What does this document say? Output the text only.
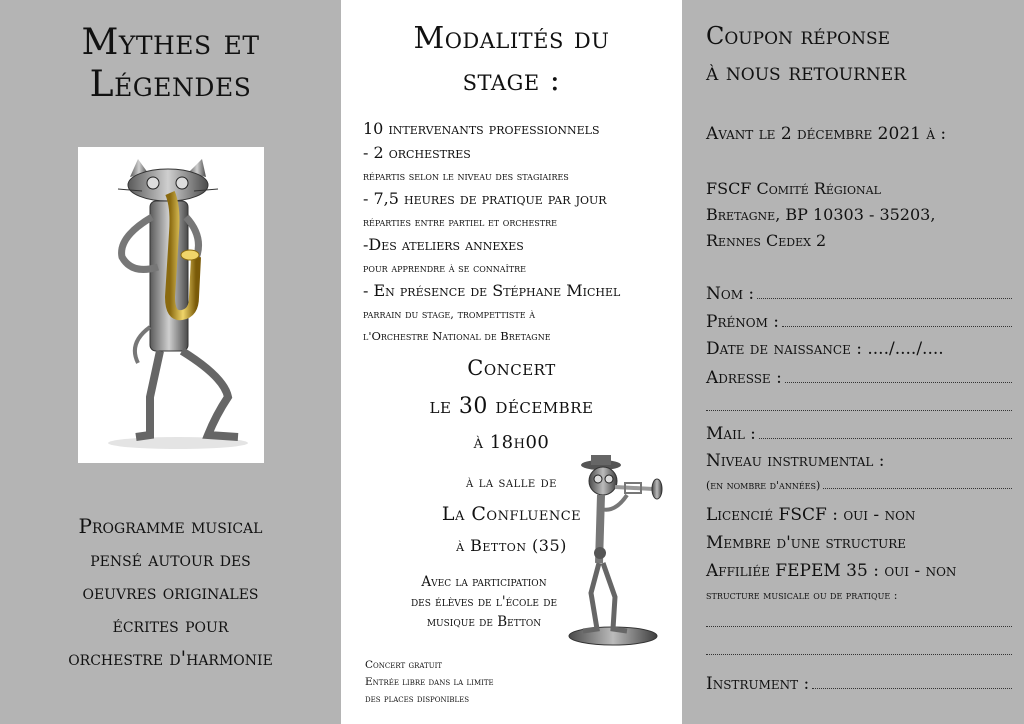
Mythes et
Légendes
Programme musical
pensé autour des
oeuvres originales
écrites pour
orchestre d'harmonie
Modalités du
stage :
10 intervenants professionnels
- 2 orchestres
répartis selon le niveau des stagiaires
- 7,5 heures de pratique par jour
réparties entre partiel et orchestre
-Des ateliers annexes
pour apprendre à se connaître
- En présence de Stéphane Michel
parrain du stage, trompettiste à
l'Orchestre National de Bretagne
Concert
le 30 décembre
à 18h00
à la salle de
La Confluence
à Betton (35)
Avec la participation
des élèves de l'école de
musique de Betton
Concert gratuit
Entrée libre dans la limite
des places disponibles
Coupon réponse
à nous retourner
Avant le 2 décembre 2021 à :
FSCF Comité Régional
Bretagne, BP 10303 - 35203,
Rennes Cedex 2
Nom :
Prénom :
Date de naissance : ..../..../....
Adresse :
Mail :
Niveau instrumental :
(en nombre d'années)
Licencié FSCF : oui - non
Membre d'une structure
Affiliée FEPEM 35 : oui - non
structure musicale ou de pratique :
Instrument :
